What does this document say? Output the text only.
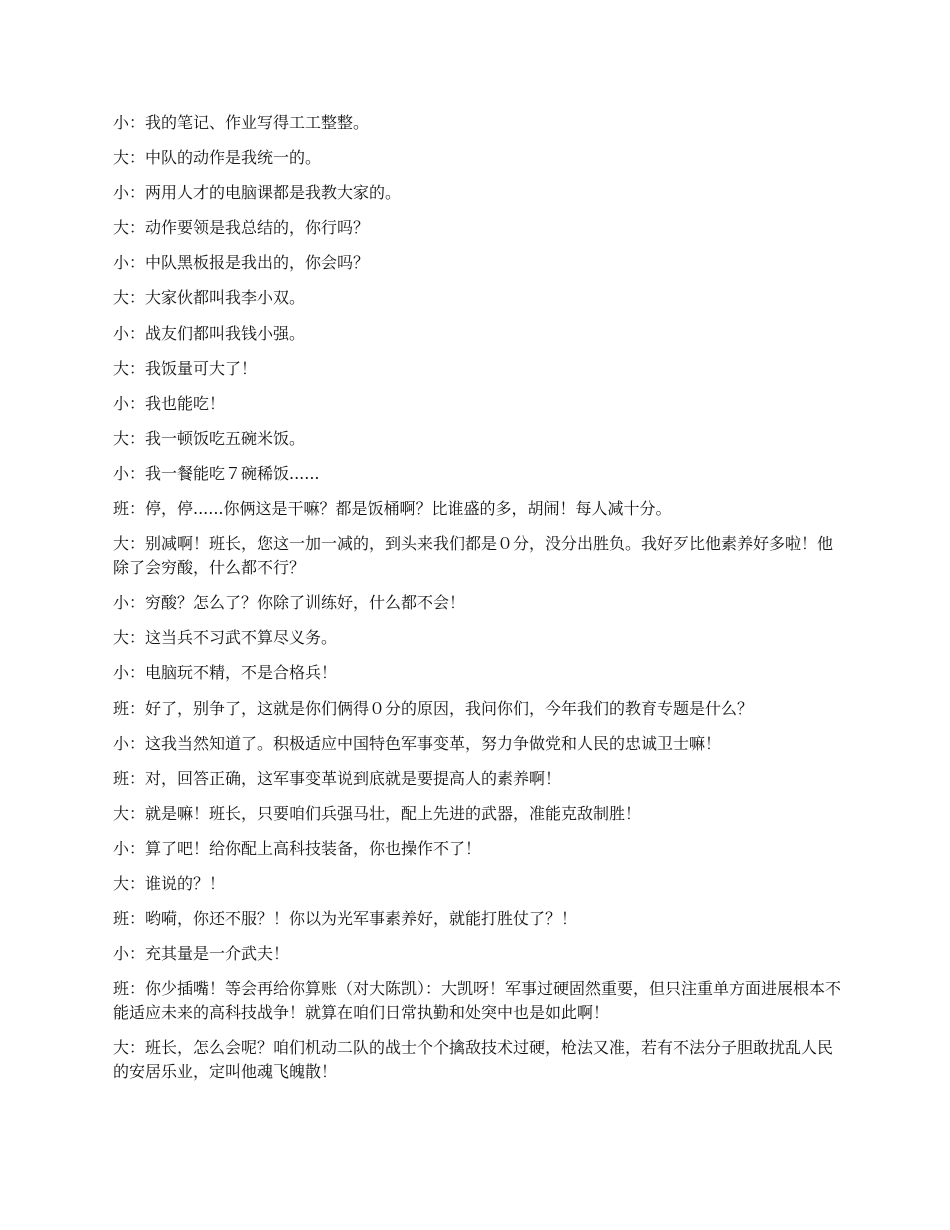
小：我的笔记、作业写得工工整整。

大：中队的动作是我统一的。

小：两用人才的电脑课都是我教大家的。

大：动作要领是我总结的，你行吗？

小：中队黑板报是我出的，你会吗？

大：大家伙都叫我李小双。

小：战友们都叫我钱小强。

大：我饭量可大了！

小：我也能吃！

大：我一顿饭吃五碗米饭。

小：我一餐能吃７碗稀饭......

班：停，停......你俩这是干嘛？都是饭桶啊？比谁盛的多，胡闹！每人减十分。

大：别减啊！班长，您这一加一减的，到头来我们都是０分，没分出胜负。我好歹比他素养好多啦！他除了会穷酸，什么都不行？

小：穷酸？怎么了？你除了训练好，什么都不会！

大：这当兵不习武不算尽义务。

小：电脑玩不精，不是合格兵！

班：好了，别争了，这就是你们俩得０分的原因，我问你们，今年我们的教育专题是什么？

小：这我当然知道了。积极适应中国特色军事变革，努力争做党和人民的忠诚卫士嘛！

班：对，回答正确，这军事变革说到底就是要提高人的素养啊！

大：就是嘛！班长，只要咱们兵强马壮，配上先进的武器，准能克敌制胜！

小：算了吧！给你配上高科技装备，你也操作不了！

大：谁说的？！

班：哟嗬，你还不服？！你以为光军事素养好，就能打胜仗了？！

小：充其量是一介武夫！

班：你少插嘴！等会再给你算账（对大陈凯）：大凯呀！军事过硬固然重要，但只注重单方面进展根本不能适应未来的高科技战争！就算在咱们日常执勤和处突中也是如此啊！

大：班长，怎么会呢？咱们机动二队的战士个个擒敌技术过硬，枪法又准，若有不法分子胆敢扰乱人民的安居乐业，定叫他魂飞魄散！
